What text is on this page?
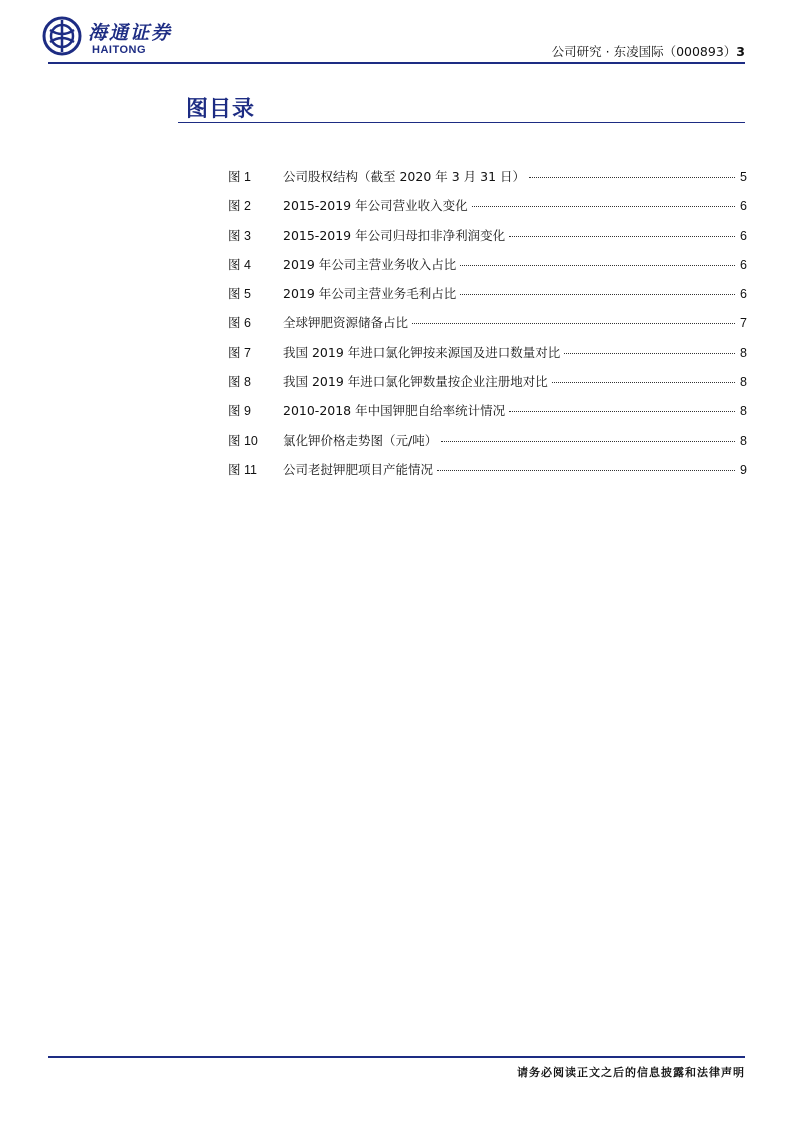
海通证券
HAITONG	公司研究 · 东凌国际（000893）3
图目录
图 1	公司股权结构（截至 2020 年 3 月 31 日）	5
图 2	2015-2019 年公司营业收入变化	6
图 3	2015-2019 年公司归母扣非净利润变化	6
图 4	2019 年公司主营业务收入占比	6
图 5	2019 年公司主营业务毛利占比	6
图 6	全球钾肥资源储备占比	7
图 7	我国 2019 年进口氯化钾按来源国及进口数量对比	8
图 8	我国 2019 年进口氯化钾数量按企业注册地对比	8
图 9	2010-2018 年中国钾肥自给率统计情况	8
图 10	氯化钾价格走势图（元/吨）	8
图 11	公司老挝钾肥项目产能情况	9
请务必阅读正文之后的信息披露和法律声明
